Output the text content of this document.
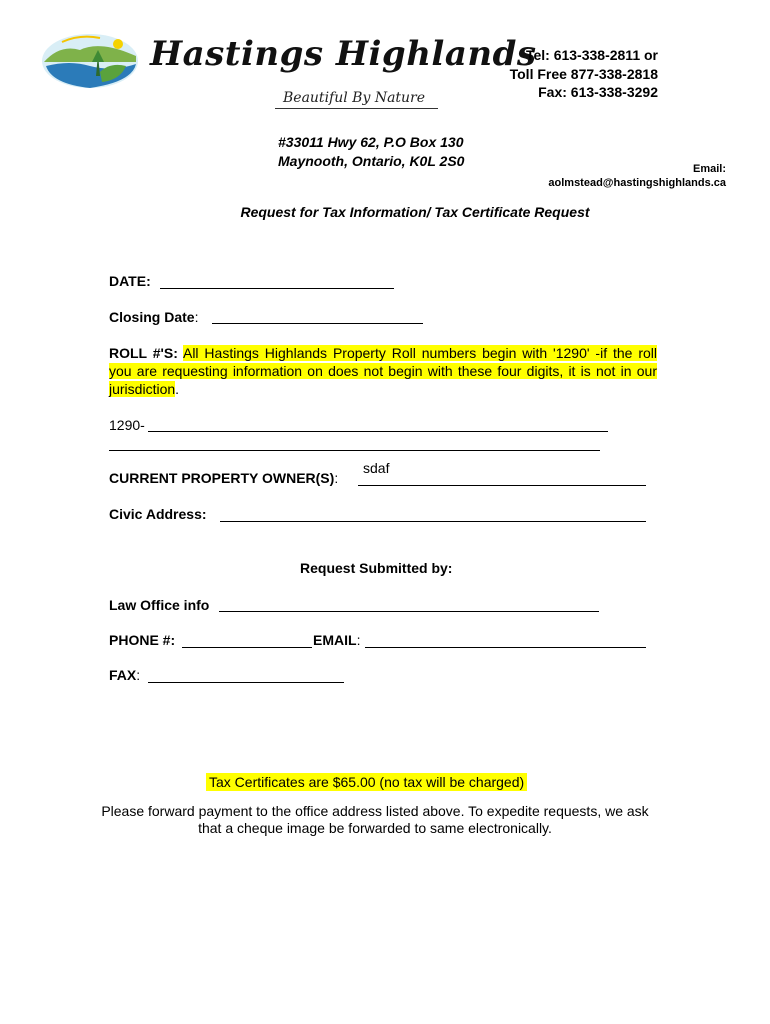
Hastings Highlands
Beautiful By Nature
Tel: 613-338-2811 or
Toll Free 877-338-2818
Fax: 613-338-3292
#33011 Hwy 62, P.O Box 130
Maynooth, Ontario, K0L 2S0	Email:
aolmstead@hastingshighlands.ca
Request for Tax Information/ Tax Certificate Request
DATE:
Closing Date:
ROLL #'S: All Hastings Highlands Property Roll numbers begin with '1290' -if the roll you are requesting information on does not begin with these four digits, it is not in our jurisdiction.
1290-
CURRENT PROPERTY OWNER(S):
sdaf
Civic Address:
Request Submitted by:
Law Office info
PHONE #:	EMAIL:
FAX:
Tax Certificates are $65.00 (no tax will be charged)
Please forward payment to the office address listed above. To expedite requests, we ask that a cheque image be forwarded to same electronically.
